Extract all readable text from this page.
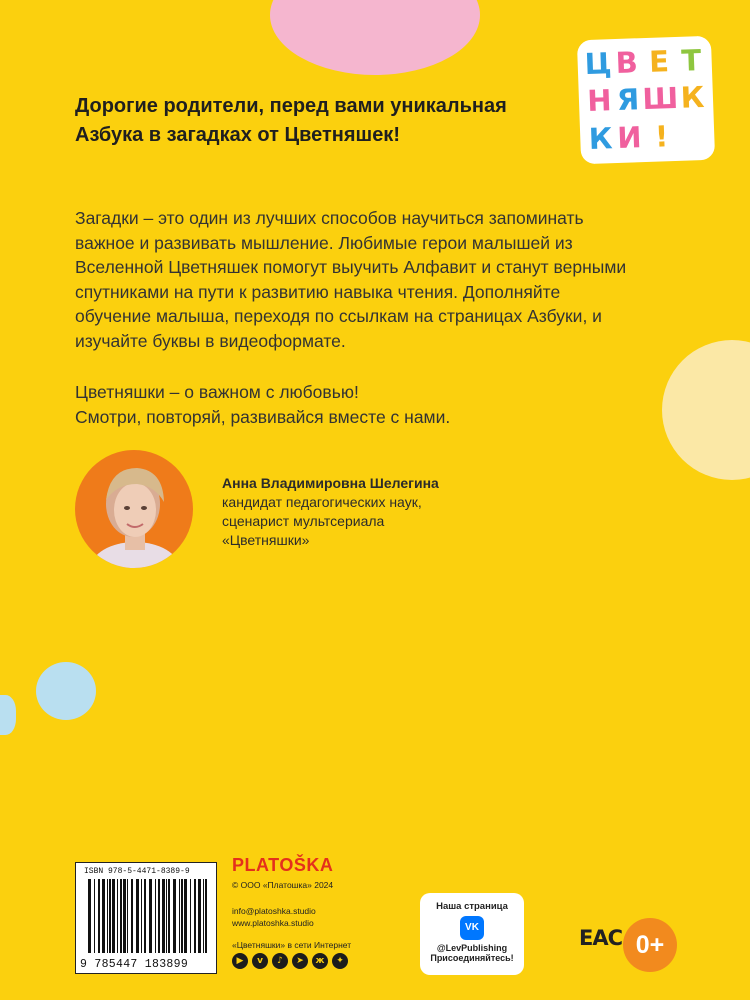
Ц В Е Т
Н Я Ш К
К И !

Дорогие родители, перед вами уникальная Азбука в загадках от Цветняшек!

Загадки – это один из лучших способов научиться запоминать важное и развивать мышление. Любимые герои малышей из Вселенной Цветняшек помогут выучить Алфавит и станут верными спутниками на пути к развитию навыка чтения. Дополняйте обучение малыша, переходя по ссылкам на страницах Азбуки, и изучайте буквы в видеоформате.

Цветняшки – о важном с любовью!
Смотри, повторяй, развивайся вместе с нами.

Анна Владимировна Шелегина
кандидат педагогических наук,
сценарист мультсериала
«Цветняшки»

ISBN 978-5-4471-8389-9
9 785447 183899
PLATOŠKA
© ООО «Платошка» 2024
info@platoshka.studio
www.platoshka.studio
«Цветняшки» в сети Интернет
▶	v	♪	➤	ж	✦
Наша страница
VK
@LevPublishing
Присоединяйтесь!
ЕАС 0+
